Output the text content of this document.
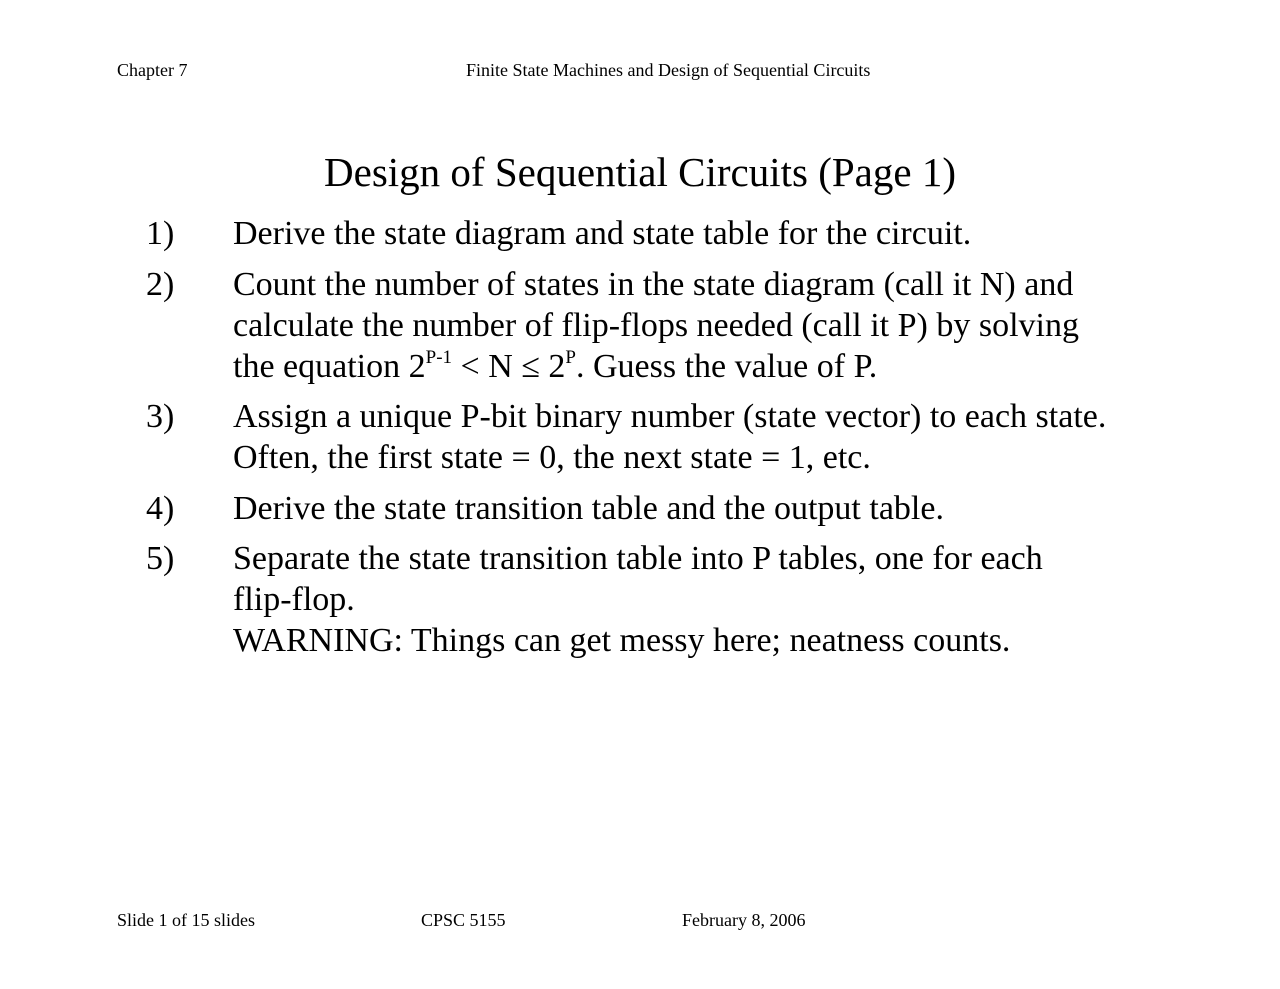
Chapter 7	Finite State Machines and Design of Sequential Circuits
Design of Sequential Circuits (Page 1)
1) Derive the state diagram and state table for the circuit.
2) Count the number of states in the state diagram (call it N) and
calculate the number of flip-flops needed (call it P) by solving
the equation $2^{P-1} < N \le 2^P$. Guess the value of P.
3) Assign a unique P-bit binary number (state vector) to each state.
Often, the first state = 0, the next state = 1, etc.
4) Derive the state transition table and the output table.
5) Separate the state transition table into P tables, one for each
flip-flop.
WARNING: Things can get messy here; neatness counts.
Slide 1 of 15 slides	CPSC 5155	February 8, 2006
